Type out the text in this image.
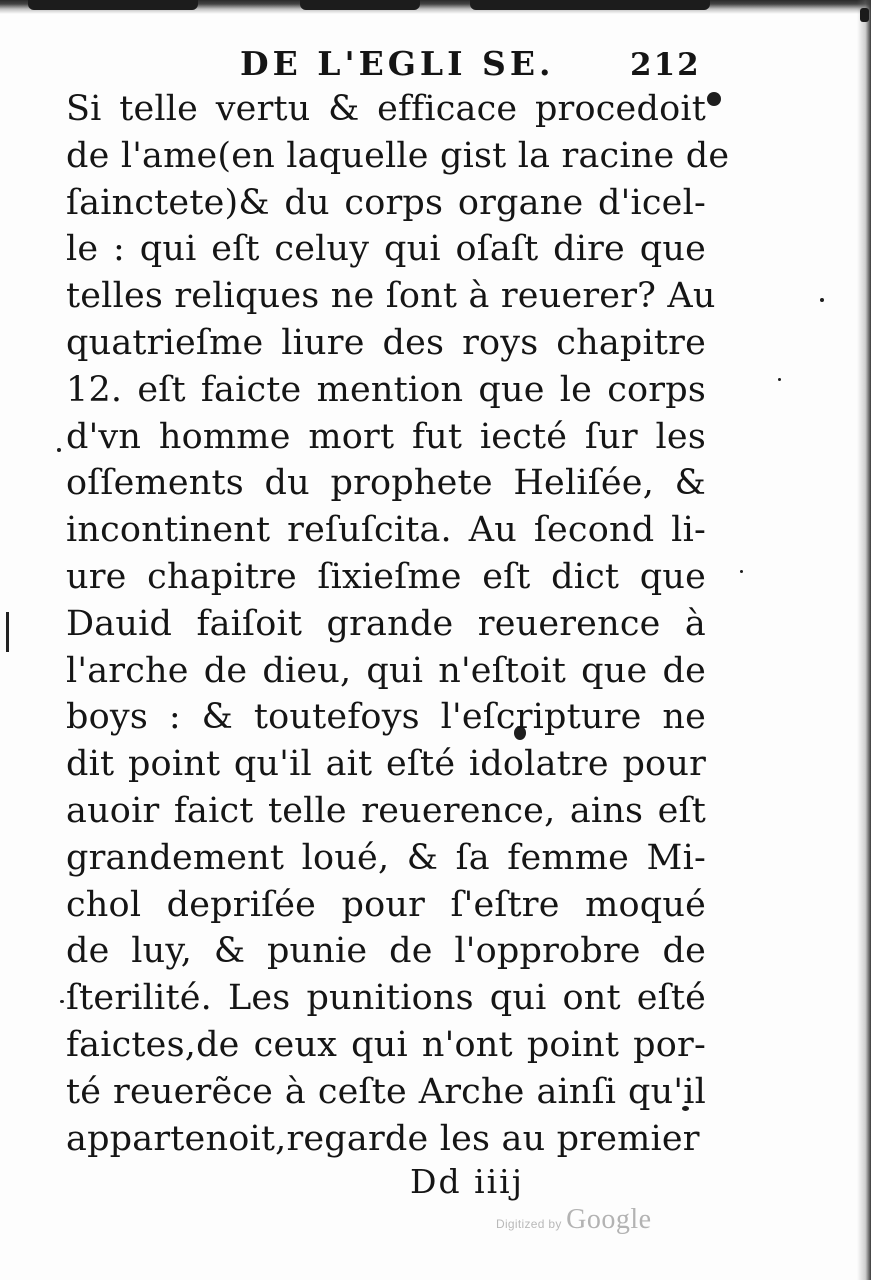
DE L'EGLI SE. 212
Si telle vertu & efficace procedoit
de l'ame(en laquelle gist la racine de
ſainctete)& du corps organe d'icel-
le : qui eſt celuy qui oſaſt dire que
telles reliques ne ſont à reuerer? Au
quatrieſme liure des roys chapitre
12. eſt faicte mention que le corps
d'vn homme mort fut iecté ſur les
oſſements du prophete Heliſée, &
incontinent reſuſcita. Au ſecond li-
ure chapitre ſixieſme eſt dict que
Dauid faiſoit grande reuerence à
l'arche de dieu, qui n'eſtoit que de
boys : & toutefoys l'eſcripture ne
dit point qu'il ait eſté idolatre pour
auoir faict telle reuerence, ains eſt
grandement loué, & ſa femme Mi-
chol depriſée pour ſ'eſtre moqué
de luy, & punie de l'opprobre de
ſterilité. Les punitions qui ont eſté
faictes,de ceux qui n'ont point por-
té reuerẽce à ceſte Arche ainſi qu'il
appartenoit,regarde les au premier
Dd iiij
Digitized by Google
